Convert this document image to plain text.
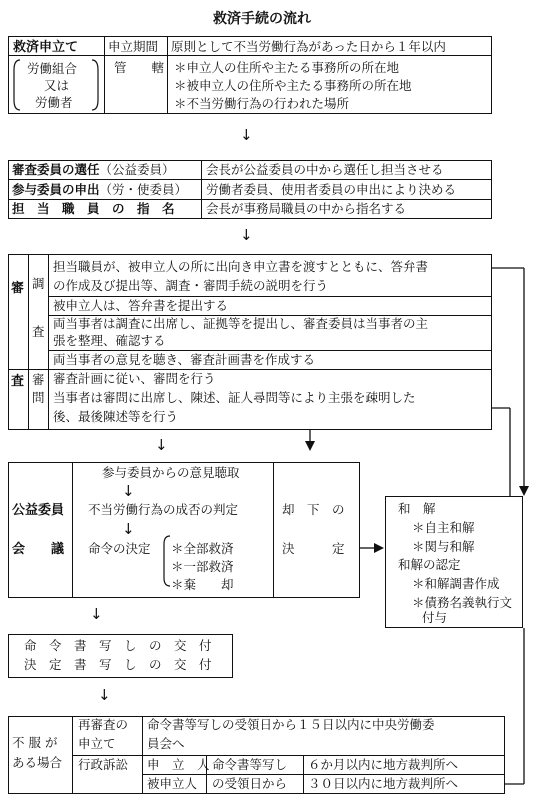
救済手続の流れ
救済申立て
労働組合
又は
労働者
申立期間 原則として不当労働行為があった日から１年以内
管　　轄 ＊申立人の住所や主たる事務所の所在地
＊被申立人の住所や主たる事務所の所在地
＊不当労働行為の行われた場所
↓
審査委員の選任（公益委員）	会長が公益委員の中から選任し担当させる
参与委員の申出（労・使委員） 労働者委員、使用者委員の申出により決める
担　当　職　員　の　指　名	会長が事務局職員の中から指名する
↓
審
査
調
査
審
問
担当職員が、被申立人の所に出向き申立書を渡すとともに、答弁書
の作成及び提出等、調査・審問手続の説明を行う
被申立人は、答弁書を提出する
両当事者は調査に出席し、証拠等を提出し、審査委員は当事者の主
張を整理、確認する
両当事者の意見を聴き、審査計画書を作成する
審査計画に従い、審問を行う
当事者は審問に出席し、陳述、証人尋問等により主張を疎明した
後、最後陳述等を行う
↓
公益委員
会　　議
参与委員からの意見聴取
↓
不当労働行為の成否の判定
↓
命令の決定 ＊全部救済
＊一部救済
＊棄　　却
却　下　の
決　　　定
和　解
＊自主和解
＊関与和解
和解の認定
＊和解調書作成
＊債務名義執行文
付与
↓
命　令　書　写　し　の　交　付
決　定　書　写　し　の　交　付
↓
不 服 が
ある場合
再審査の
申立て
命令書等写しの受領日から１５日以内に中央労働委
員会へ
行政訴訟 申　立　人
被申立人
命令書等写し
の受領日から
６か月以内に地方裁判所へ
３０日以内に地方裁判所へ
